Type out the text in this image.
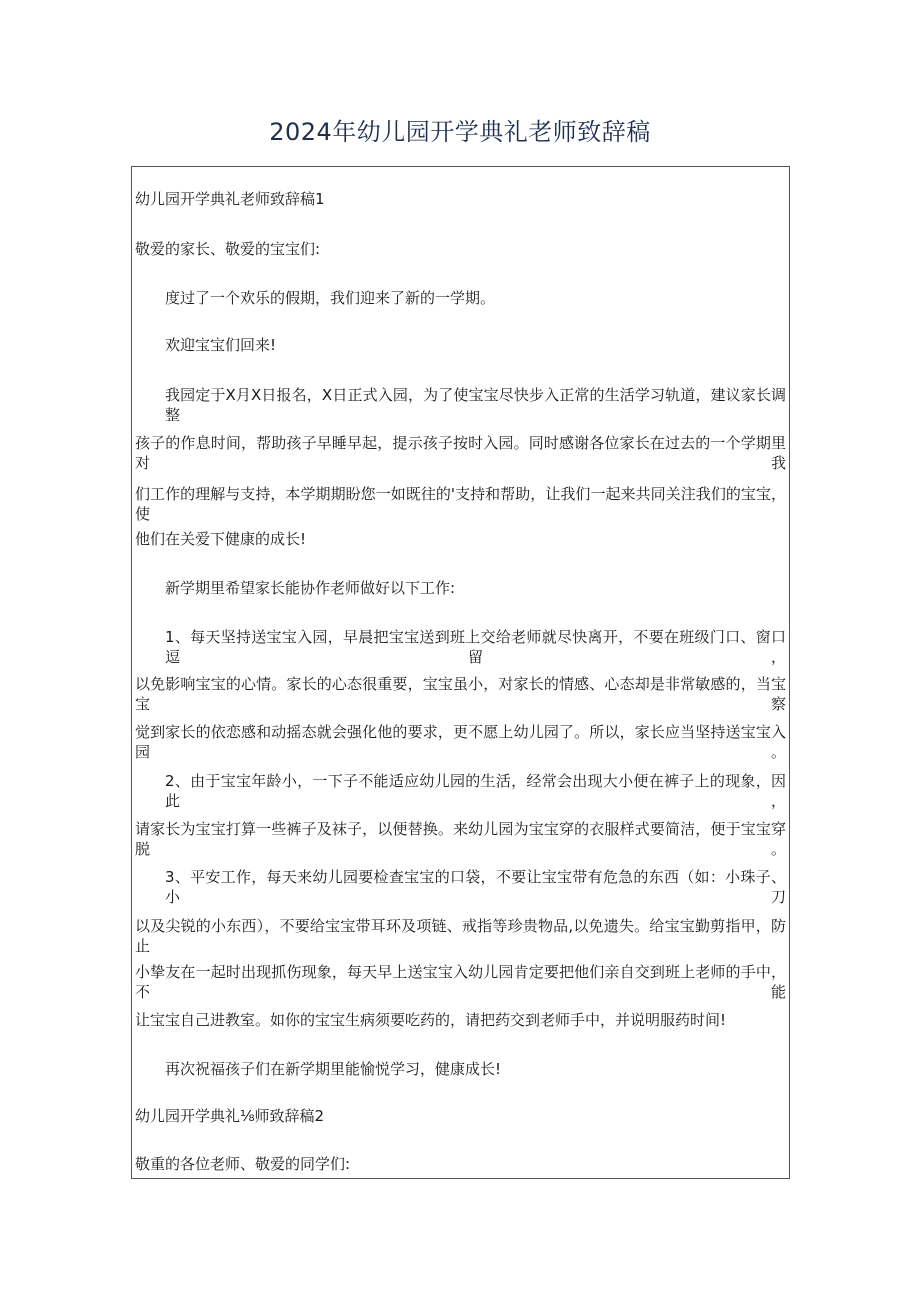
2024年幼儿园开学典礼老师致辞稿
幼儿园开学典礼老师致辞稿1
敬爱的家长、敬爱的宝宝们:
度过了一个欢乐的假期，我们迎来了新的一学期。
欢迎宝宝们回来!
我园定于X月X日报名，X日正式入园，为了使宝宝尽快步入正常的生活学习轨道，建议家长调整
孩子的作息时间，帮助孩子早睡早起，提示孩子按时入园。同时感谢各位家长在过去的一个学期里对我
们工作的理解与支持，本学期期盼您一如既往的'支持和帮助，让我们一起来共同关注我们的宝宝，使
他们在关爱下健康的成长!
新学期里希望家长能协作老师做好以下工作:
1、每天坚持送宝宝入园，早晨把宝宝送到班上交给老师就尽快离开，不要在班级门口、窗口逗留，
以免影响宝宝的心情。家长的心态很重要，宝宝虽小，对家长的情感、心态却是非常敏感的，当宝宝察
觉到家长的依恋感和动摇态就会强化他的要求，更不愿上幼儿园了。所以，家长应当坚持送宝宝入园。
2、由于宝宝年龄小，一下子不能适应幼儿园的生活，经常会出现大小便在裤子上的现象，因此，
请家长为宝宝打算一些裤子及袜子，以便替换。来幼儿园为宝宝穿的衣服样式要简洁，便于宝宝穿脱。
3、平安工作，每天来幼儿园要检查宝宝的口袋，不要让宝宝带有危急的东西（如：小珠子、小刀
以及尖锐的小东西），不要给宝宝带耳环及项链、戒指等珍贵物品,以免遗失。给宝宝勤剪指甲，防止
小挚友在一起时出现抓伤现象，每天早上送宝宝入幼儿园肯定要把他们亲自交到班上老师的手中，不能
让宝宝自己进教室。如你的宝宝生病须要吃药的，请把药交到老师手中，并说明服药时间!
再次祝福孩子们在新学期里能愉悦学习，健康成长!
幼儿园开学典礼⅛师致辞稿2
敬重的各位老师、敬爱的同学们:
